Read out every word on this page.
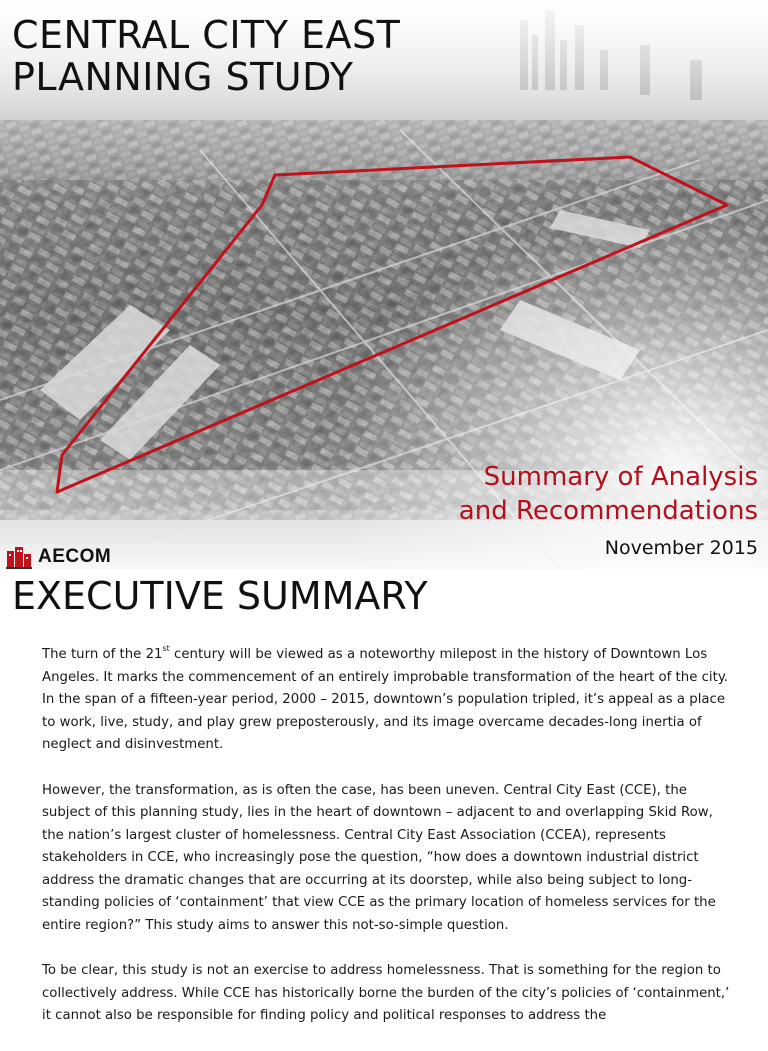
CENTRAL CITY EAST
PLANNING STUDY
Summary of Analysis
and Recommendations
November 2015
AECOM
EXECUTIVE SUMMARY

The turn of the 21st century will be viewed as a noteworthy milepost in the history of Downtown Los Angeles. It marks the commencement of an entirely improbable transformation of the heart of the city. In the span of a fifteen-year period, 2000 – 2015, downtown’s population tripled, it’s appeal as a place to work, live, study, and play grew preposterously, and its image overcame decades-long inertia of neglect and disinvestment.

However, the transformation, as is often the case, has been uneven. Central City East (CCE), the subject of this planning study, lies in the heart of downtown – adjacent to and overlapping Skid Row, the nation’s largest cluster of homelessness. Central City East Association (CCEA), represents stakeholders in CCE, who increasingly pose the question, “how does a downtown industrial district address the dramatic changes that are occurring at its doorstep, while also being subject to long-standing policies of ‘containment’ that view CCE as the primary location of homeless services for the entire region?” This study aims to answer this not-so-simple question.

To be clear, this study is not an exercise to address homelessness. That is something for the region to collectively address. While CCE has historically borne the burden of the city’s policies of ‘containment,’ it cannot also be responsible for finding policy and political responses to address the
